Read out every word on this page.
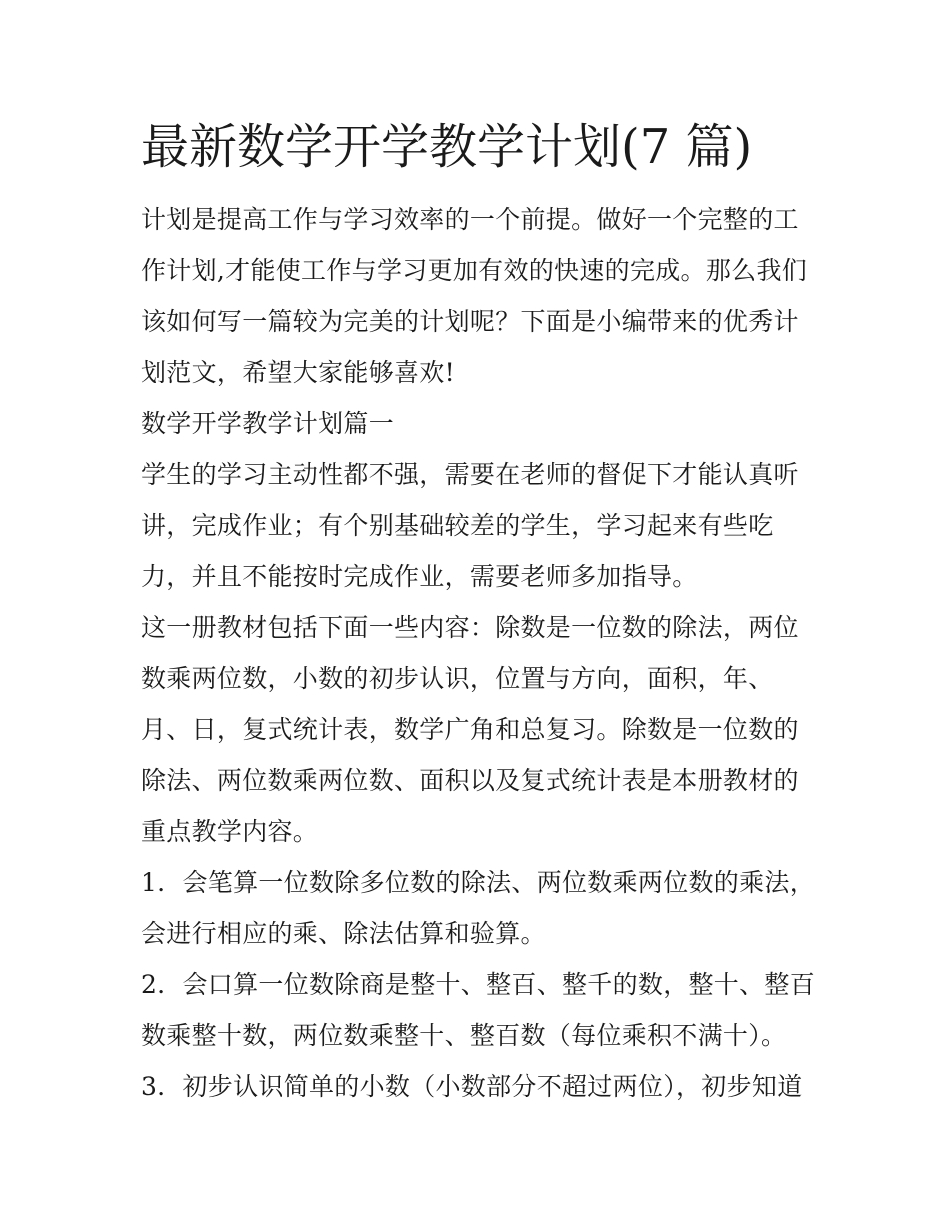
最新数学开学教学计划(7 篇)

计划是提高工作与学习效率的一个前提。做好一个完整的工作计划,才能使工作与学习更加有效的快速的完成。那么我们该如何写一篇较为完美的计划呢？下面是小编带来的优秀计划范文，希望大家能够喜欢!

数学开学教学计划篇一

学生的学习主动性都不强，需要在老师的督促下才能认真听讲，完成作业；有个别基础较差的学生，学习起来有些吃力，并且不能按时完成作业，需要老师多加指导。

这一册教材包括下面一些内容：除数是一位数的除法，两位数乘两位数，小数的初步认识，位置与方向，面积，年、月、日，复式统计表，数学广角和总复习。除数是一位数的除法、两位数乘两位数、面积以及复式统计表是本册教材的重点教学内容。

1．会笔算一位数除多位数的除法、两位数乘两位数的乘法，会进行相应的乘、除法估算和验算。

2．会口算一位数除商是整十、整百、整千的数，整十、整百数乘整十数，两位数乘整十、整百数（每位乘积不满十）。

3．初步认识简单的小数（小数部分不超过两位），初步知道
